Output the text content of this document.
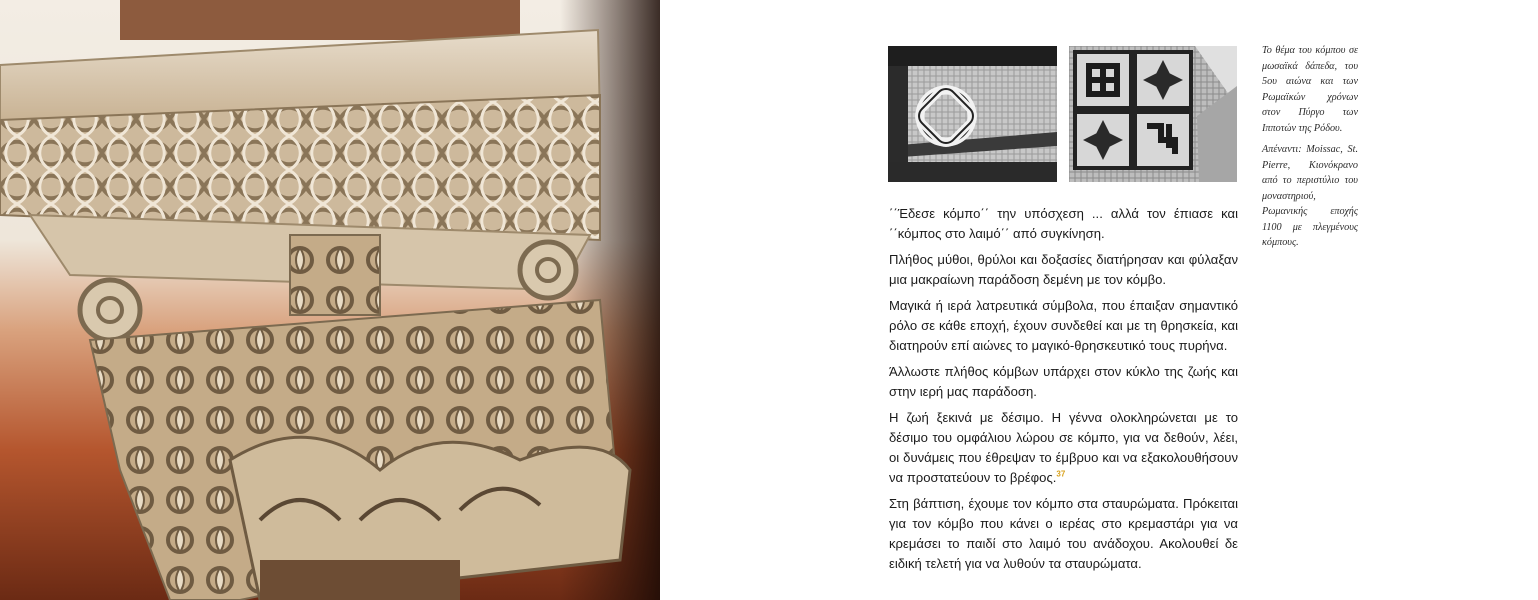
΄΄Έδεσε κόμπο΄΄ την υπόσχεση ... αλλά τον έπιασε και ΄΄κόμπος στο λαιμό΄΄ από συγκίνηση.

Πλήθος μύθοι, θρύλοι και δοξασίες διατήρησαν και φύλαξαν μια μακραίωνη παράδοση δεμένη με τον κόμβο.

Μαγικά ή ιερά λατρευτικά σύμβολα, που έπαιξαν σημαντικό ρόλο σε κάθε εποχή, έχουν συνδεθεί και με τη θρησκεία, και διατηρούν επί αιώνες το μαγικό-θρησκευτικό τους πυρήνα.

Άλλωστε πλήθος κόμβων υπάρχει στον κύκλο της ζωής και στην ιερή μας παράδοση.

Η ζωή ξεκινά με δέσιμο. Η γέννα ολοκληρώνεται με το δέσιμο του ομφάλιου λώρου σε κόμπο, για να δεθούν, λέει, οι δυνάμεις που έθρεψαν το έμβρυο και να εξακολουθήσουν να προστατεύουν το βρέφος.$^{37}$

Στη βάπτιση, έχουμε τον κόμπο στα σταυρώματα. Πρόκειται για τον κόμβο που κάνει ο ιερέας στο κρεμαστάρι για να κρεμάσει το παιδί στο λαιμό του ανάδοχου. Ακολουθεί δε ειδική τελετή για να λυθούν τα σταυρώματα.

Το θέμα του κόμπου σε μωσαϊκά δάπεδα, του 5ου αιώνα και των Ρωμαϊκών χρόνων στον Πύργο των Ιπποτών της Ρόδου.
Απέναντι: Moissac, St. Pierre, Κιονόκρανο από το περιστύλιο του μοναστηριού, Ρωμανικής εποχής 1100 με πλεγμένους κόμπους.
